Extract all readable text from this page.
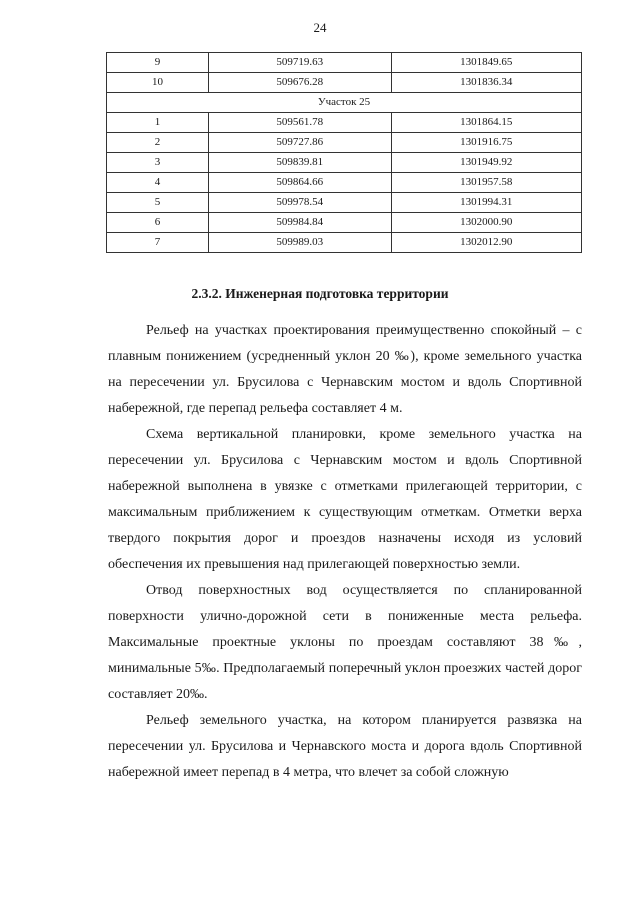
24
9	509719.63	1301849.65
10	509676.28	1301836.34
Участок 25		
1	509561.78	1301864.15
2	509727.86	1301916.75
3	509839.81	1301949.92
4	509864.66	1301957.58
5	509978.54	1301994.31
6	509984.84	1302000.90
7	509989.03	1302012.90
2.3.2. Инженерная подготовка территории

Рельеф на участках проектирования преимущественно спокойный – с плавным понижением (усредненный уклон 20 ‰), кроме земельного участка на пересечении ул. Брусилова с Чернавским мостом и вдоль Спортивной набережной, где перепад рельефа составляет 4 м.

Схема вертикальной планировки, кроме земельного участка на пересечении ул. Брусилова с Чернавским мостом и вдоль Спортивной набережной выполнена в увязке с отметками прилегающей территории, с максимальным приближением к существующим отметкам. Отметки верха твердого покрытия дорог и проездов назначены исходя из условий обеспечения их превышения над прилегающей поверхностью земли.

Отвод поверхностных вод осуществляется по спланированной поверхности улично-дорожной сети в пониженные места рельефа. Максимальные проектные уклоны по проездам составляют 38‰, минимальные 5‰. Предполагаемый поперечный уклон проезжих частей дорог составляет 20‰.

Рельеф земельного участка, на котором планируется развязка на пересечении ул. Брусилова и Чернавского моста и дорога вдоль Спортивной набережной имеет перепад в 4 метра, что влечет за собой сложную
